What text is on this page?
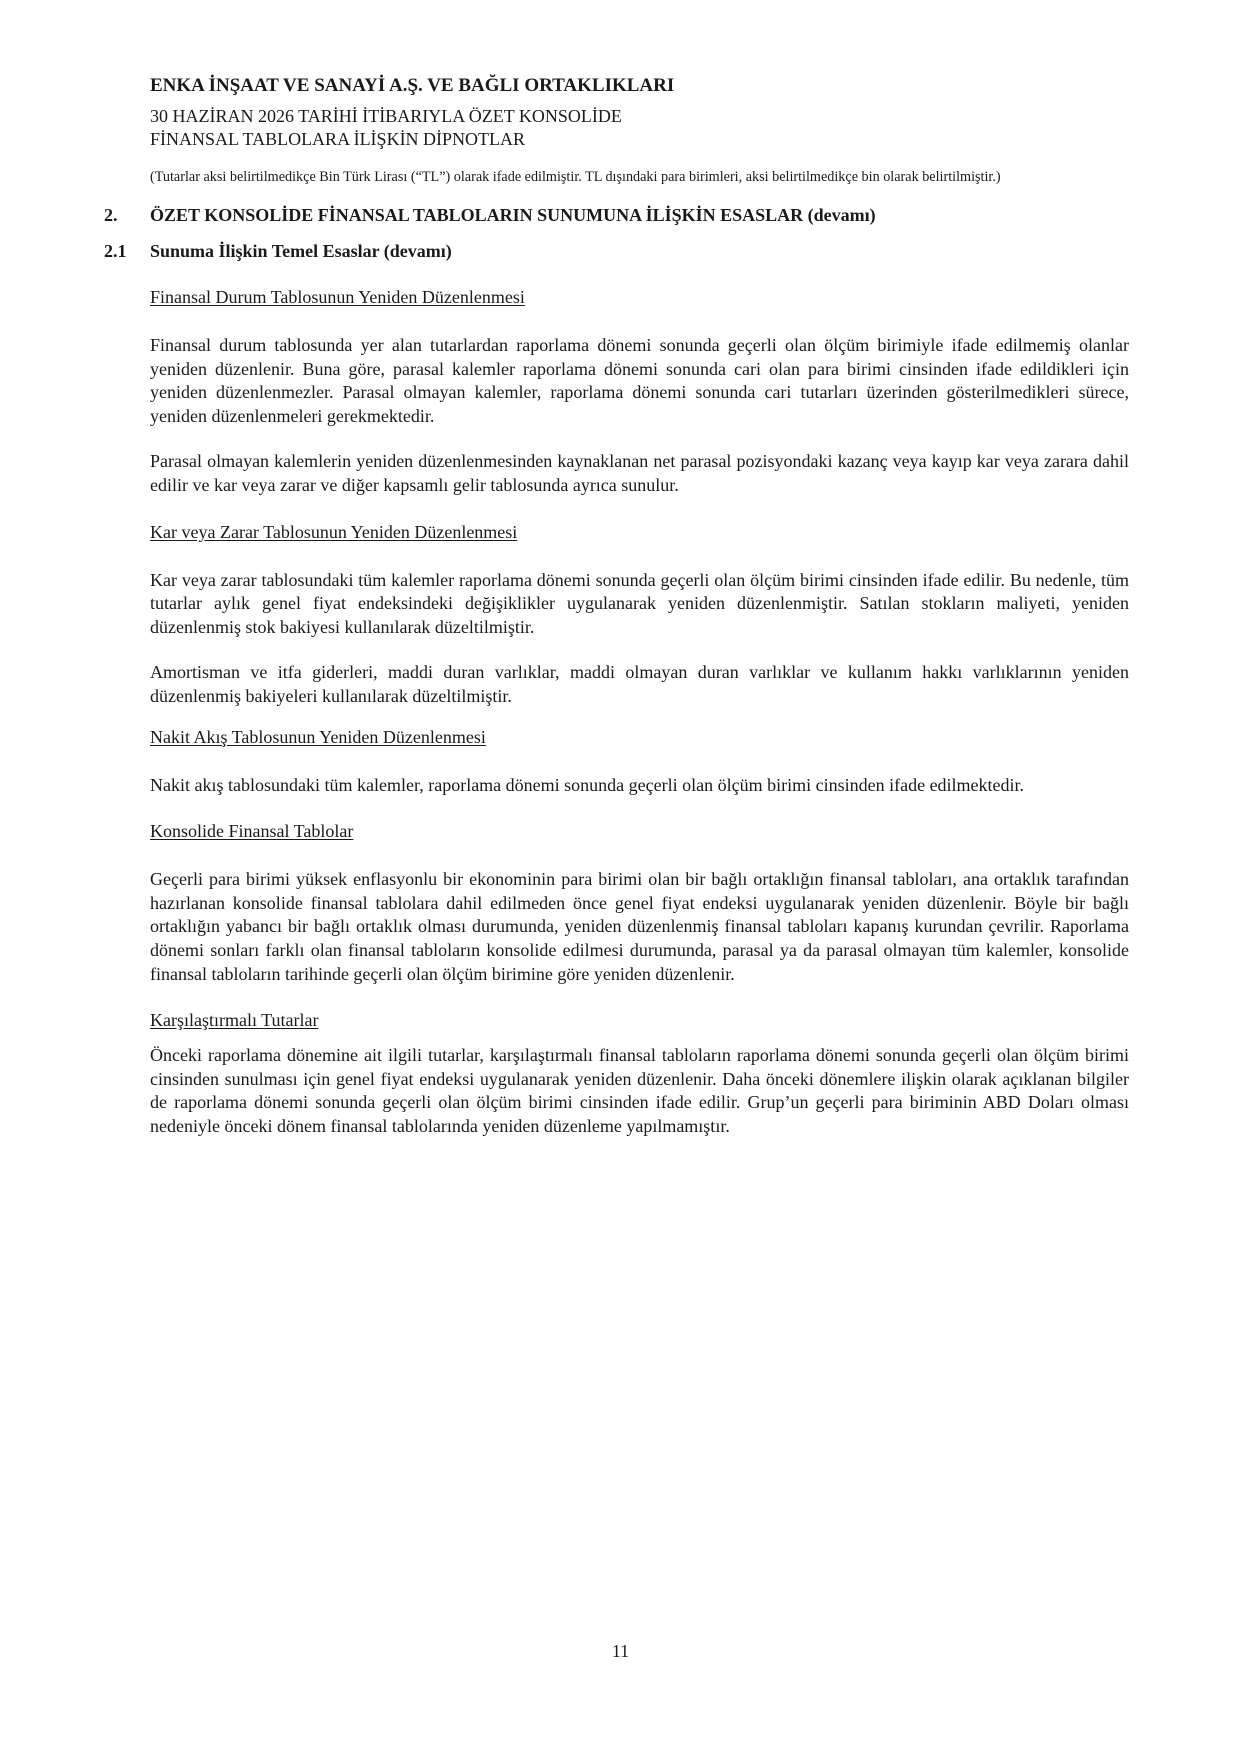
ENKA İNŞAAT VE SANAYİ A.Ş. VE BAĞLI ORTAKLIKLARI
30 HAZİRAN 2026 TARİHİ İTİBARIYLA ÖZET KONSOLİDE
FİNANSAL TABLOLARA İLİŞKİN DİPNOTLAR
(Tutarlar aksi belirtilmedikçe Bin Türk Lirası (“TL”) olarak ifade edilmiştir. TL dışındaki para birimleri, aksi belirtilmedikçe bin olarak belirtilmiştir.)
2. ÖZET KONSOLİDE FİNANSAL TABLOLARIN SUNUMUNA İLİŞKİN ESASLAR (devamı)
2.1 Sunuma İlişkin Temel Esaslar (devamı)
Finansal Durum Tablosunun Yeniden Düzenlenmesi

Finansal durum tablosunda yer alan tutarlardan raporlama dönemi sonunda geçerli olan ölçüm birimiyle ifade edilmemiş olanlar yeniden düzenlenir. Buna göre, parasal kalemler raporlama dönemi sonunda cari olan para birimi cinsinden ifade edildikleri için yeniden düzenlenmezler. Parasal olmayan kalemler, raporlama dönemi sonunda cari tutarları üzerinden gösterilmedikleri sürece, yeniden düzenlenmeleri gerekmektedir.

Parasal olmayan kalemlerin yeniden düzenlenmesinden kaynaklanan net parasal pozisyondaki kazanç veya kayıp kar veya zarara dahil edilir ve kar veya zarar ve diğer kapsamlı gelir tablosunda ayrıca sunulur.

Kar veya Zarar Tablosunun Yeniden Düzenlenmesi

Kar veya zarar tablosundaki tüm kalemler raporlama dönemi sonunda geçerli olan ölçüm birimi cinsinden ifade edilir. Bu nedenle, tüm tutarlar aylık genel fiyat endeksindeki değişiklikler uygulanarak yeniden düzenlenmiştir. Satılan stokların maliyeti, yeniden düzenlenmiş stok bakiyesi kullanılarak düzeltilmiştir.

Amortisman ve itfa giderleri, maddi duran varlıklar, maddi olmayan duran varlıklar ve kullanım hakkı varlıklarının yeniden düzenlenmiş bakiyeleri kullanılarak düzeltilmiştir.

Nakit Akış Tablosunun Yeniden Düzenlenmesi

Nakit akış tablosundaki tüm kalemler, raporlama dönemi sonunda geçerli olan ölçüm birimi cinsinden ifade edilmektedir.

Konsolide Finansal Tablolar

Geçerli para birimi yüksek enflasyonlu bir ekonominin para birimi olan bir bağlı ortaklığın finansal tabloları, ana ortaklık tarafından hazırlanan konsolide finansal tablolara dahil edilmeden önce genel fiyat endeksi uygulanarak yeniden düzenlenir. Böyle bir bağlı ortaklığın yabancı bir bağlı ortaklık olması durumunda, yeniden düzenlenmiş finansal tabloları kapanış kurundan çevrilir. Raporlama dönemi sonları farklı olan finansal tabloların konsolide edilmesi durumunda, parasal ya da parasal olmayan tüm kalemler, konsolide finansal tabloların tarihinde geçerli olan ölçüm birimine göre yeniden düzenlenir.

Karşılaştırmalı Tutarlar

Önceki raporlama dönemine ait ilgili tutarlar, karşılaştırmalı finansal tabloların raporlama dönemi sonunda geçerli olan ölçüm birimi cinsinden sunulması için genel fiyat endeksi uygulanarak yeniden düzenlenir. Daha önceki dönemlere ilişkin olarak açıklanan bilgiler de raporlama dönemi sonunda geçerli olan ölçüm birimi cinsinden ifade edilir. Grup’un geçerli para biriminin ABD Doları olması nedeniyle önceki dönem finansal tablolarında yeniden düzenleme yapılmamıştır.

11
